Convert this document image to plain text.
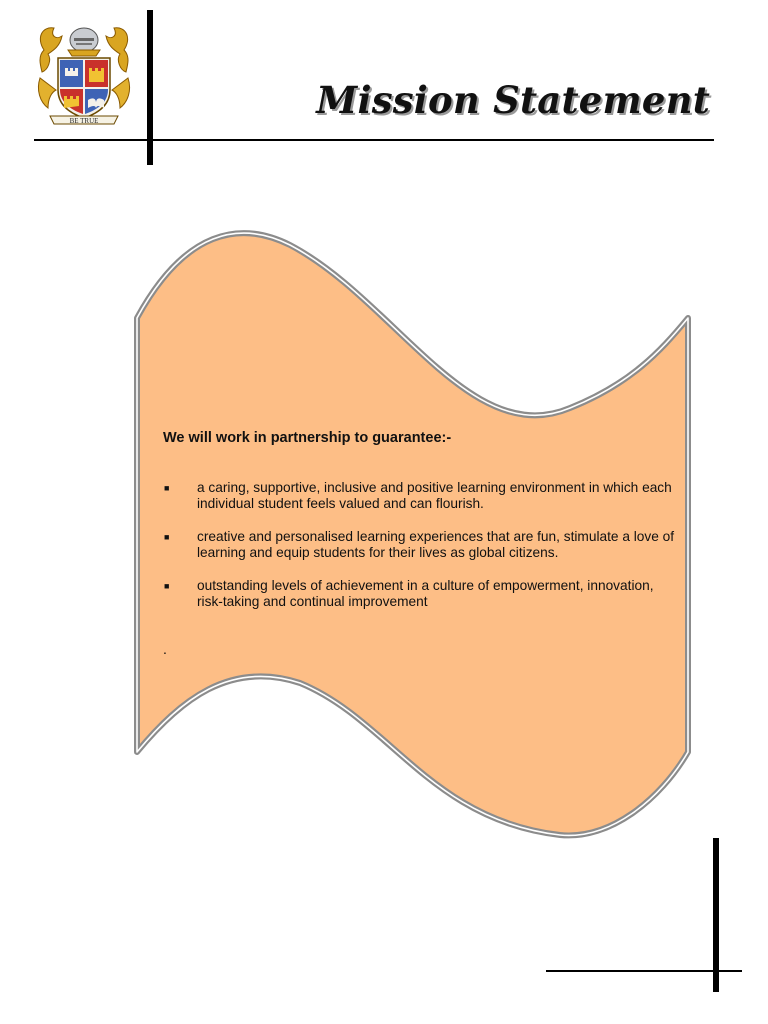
BE TRUE	Mission Statement

We will work in partnership to guarantee:-

■ a caring, supportive, inclusive and positive learning environment in which each individual student feels valued and can flourish.
■ creative and personalised learning experiences that are fun, stimulate a love of learning and equip students for their lives as global citizens.
■ outstanding levels of achievement in a culture of empowerment, innovation, risk-taking and continual improvement

.
